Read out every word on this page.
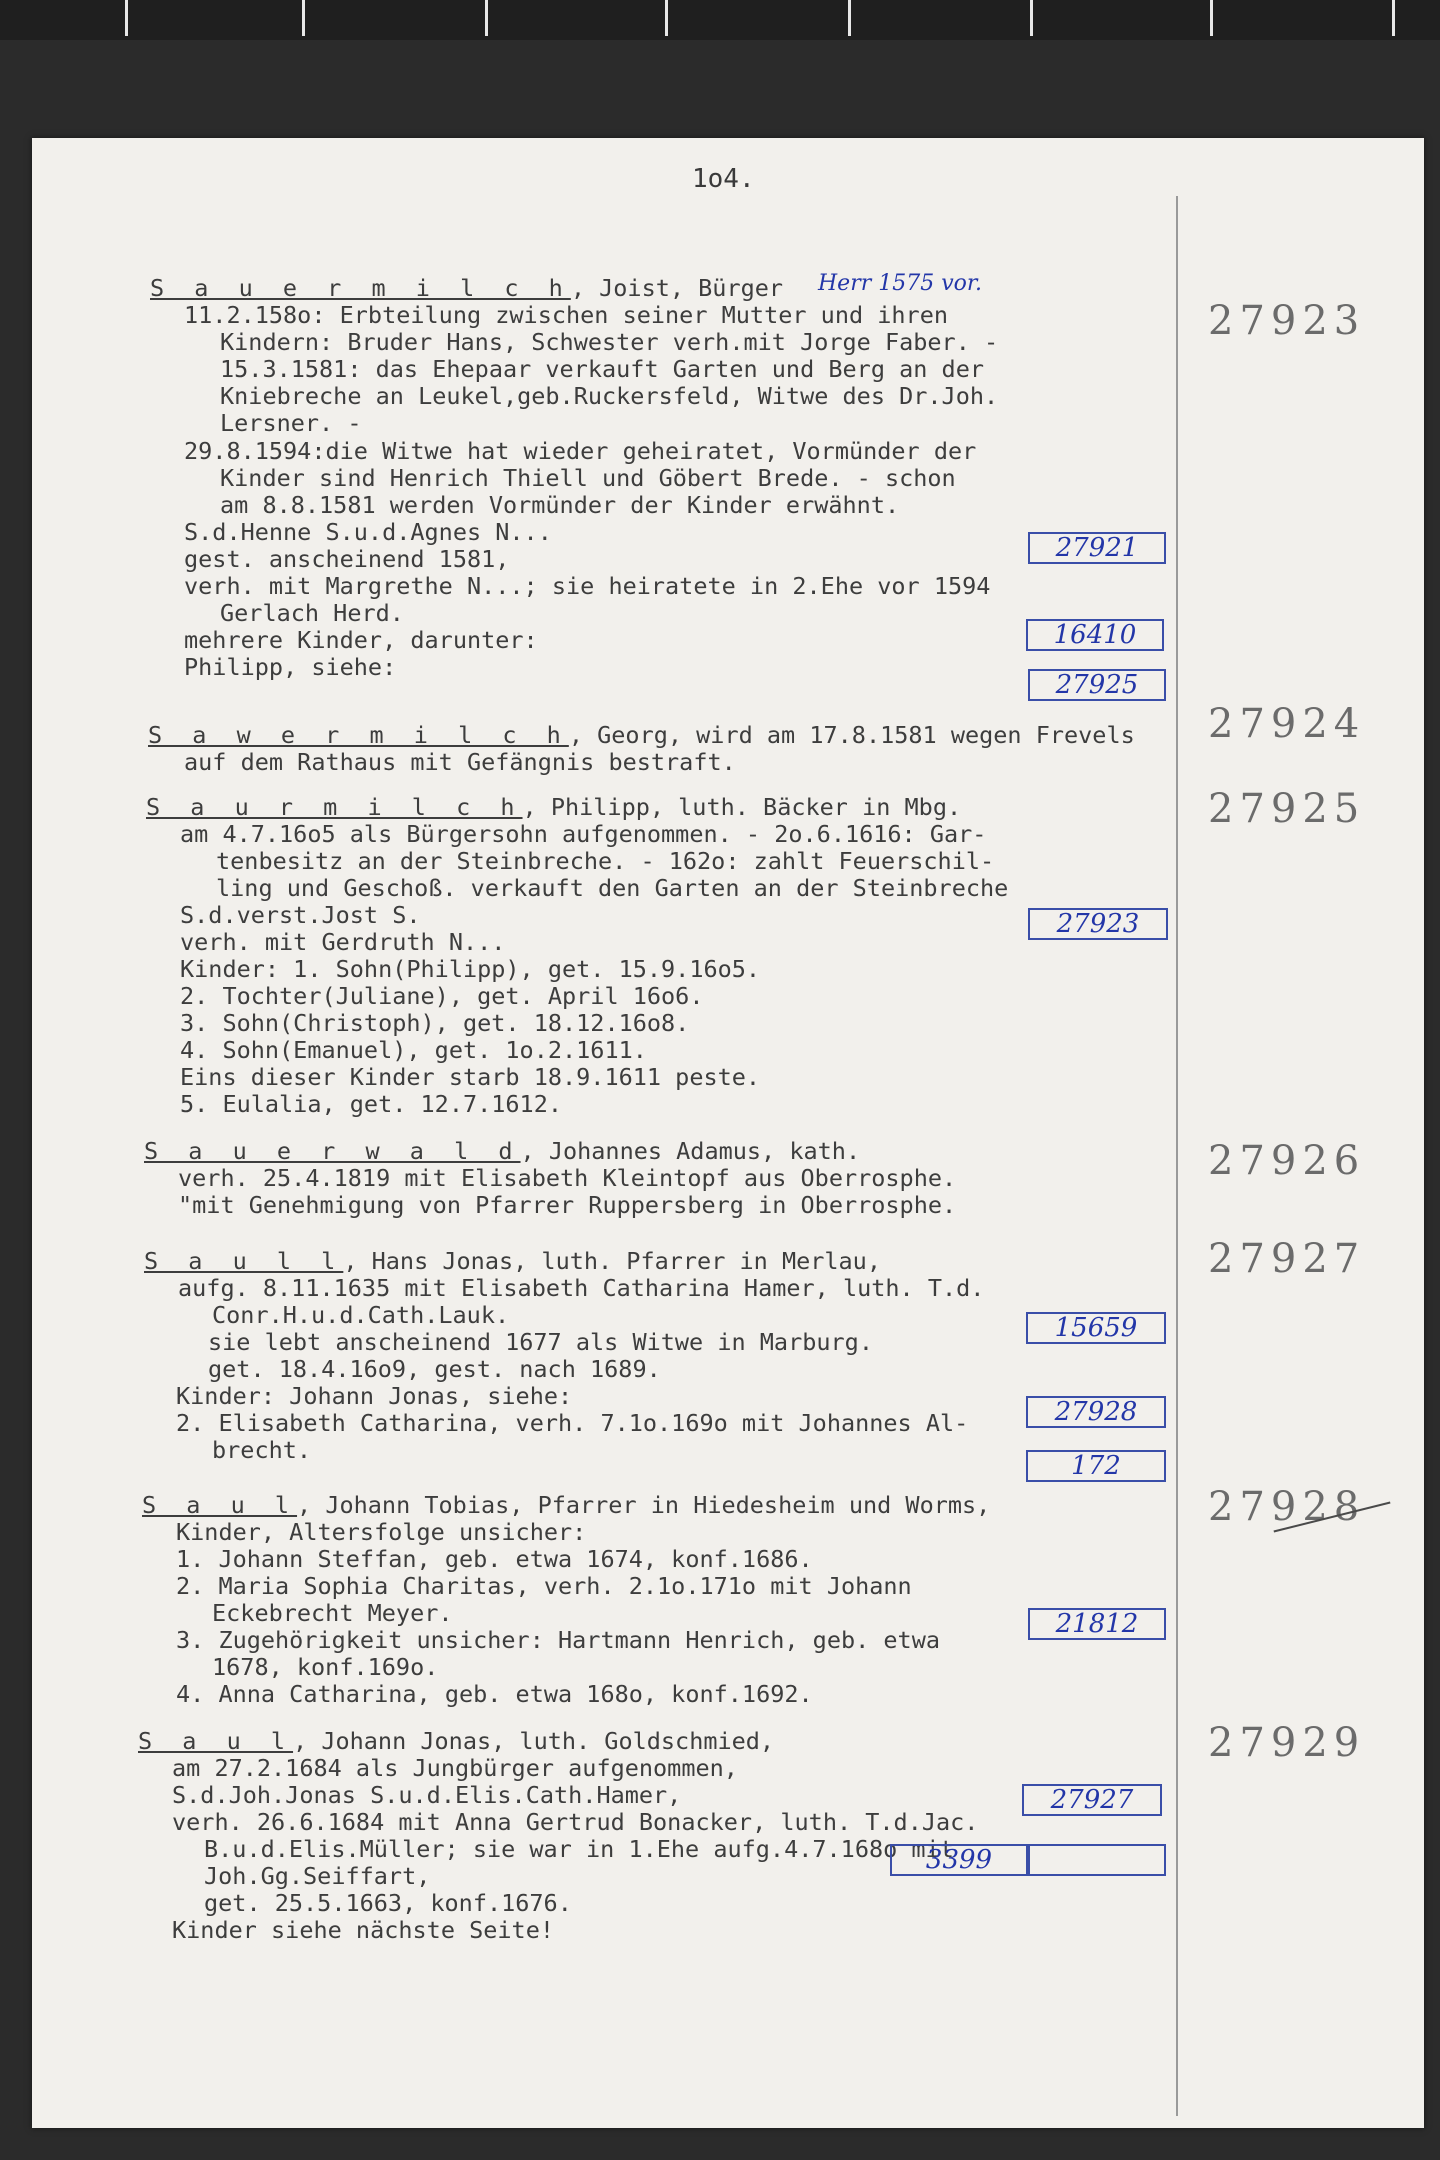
1o4.
Herr 1575 vor.
S a u e r m i l c h, Joist, Bürger
27923
11.2.158o: Erbteilung zwischen seiner Mutter und ihren
Kindern: Bruder Hans, Schwester verh.mit Jorge Faber. -
15.3.1581: das Ehepaar verkauft Garten und Berg an der
Kniebreche an Leukel,geb.Ruckersfeld, Witwe des Dr.Joh.
Lersner. -
29.8.1594:die Witwe hat wieder geheiratet, Vormünder der
Kinder sind Henrich Thiell und Göbert Brede. - schon
am 8.8.1581 werden Vormünder der Kinder erwähnt.
S.d.Henne S.u.d.Agnes N...
gest. anscheinend 1581,
verh. mit Margrethe N...; sie heiratete in 2.Ehe vor 1594
Gerlach Herd.
mehrere Kinder, darunter:
Philipp, siehe:
27921
16410
27925
S a w e r m i l c h, Georg, wird am 17.8.1581 wegen Frevels 27924
auf dem Rathaus mit Gefängnis bestraft.
S a u r m i l c h, Philipp, luth. Bäcker in Mbg.	27925
am 4.7.16o5 als Bürgersohn aufgenommen. - 2o.6.1616: Gar-
tenbesitz an der Steinbreche. - 162o: zahlt Feuerschil-
ling und Geschoß. verkauft den Garten an der Steinbreche
S.d.verst.Jost S.
verh. mit Gerdruth N...
Kinder: 1. Sohn(Philipp), get. 15.9.16o5.
2. Tochter(Juliane), get. April 16o6.
3. Sohn(Christoph), get. 18.12.16o8.
4. Sohn(Emanuel), get. 1o.2.1611.
Eins dieser Kinder starb 18.9.1611 peste.
5. Eulalia, get. 12.7.1612.
27923
S a u e r w a l d, Johannes Adamus, kath.	27926
verh. 25.4.1819 mit Elisabeth Kleintopf aus Oberrosphe.
"mit Genehmigung von Pfarrer Ruppersberg in Oberrosphe.
S a u l l, Hans Jonas, luth. Pfarrer in Merlau,	27927
aufg. 8.11.1635 mit Elisabeth Catharina Hamer, luth. T.d.
Conr.H.u.d.Cath.Lauk.
sie lebt anscheinend 1677 als Witwe in Marburg.
get. 18.4.16o9, gest. nach 1689.
Kinder: Johann Jonas, siehe:
2. Elisabeth Catharina, verh. 7.1o.169o mit Johannes Al-
brecht.
15659
27928
172
S a u l, Johann Tobias, Pfarrer in Hiedesheim und Worms,	27928
Kinder, Altersfolge unsicher:
1. Johann Steffan, geb. etwa 1674, konf.1686.
2. Maria Sophia Charitas, verh. 2.1o.171o mit Johann
Eckebrecht Meyer.
3. Zugehörigkeit unsicher: Hartmann Henrich, geb. etwa
1678, konf.169o.
4. Anna Catharina, geb. etwa 168o, konf.1692.
21812
S a u l, Johann Jonas, luth. Goldschmied,	27929
am 27.2.1684 als Jungbürger aufgenommen,
S.d.Joh.Jonas S.u.d.Elis.Cath.Hamer,
verh. 26.6.1684 mit Anna Gertrud Bonacker, luth. T.d.Jac.
B.u.d.Elis.Müller; sie war in 1.Ehe aufg.4.7.168o mit
Joh.Gg.Seiffart,
get. 25.5.1663, konf.1676.
Kinder siehe nächste Seite!
27927
3399
